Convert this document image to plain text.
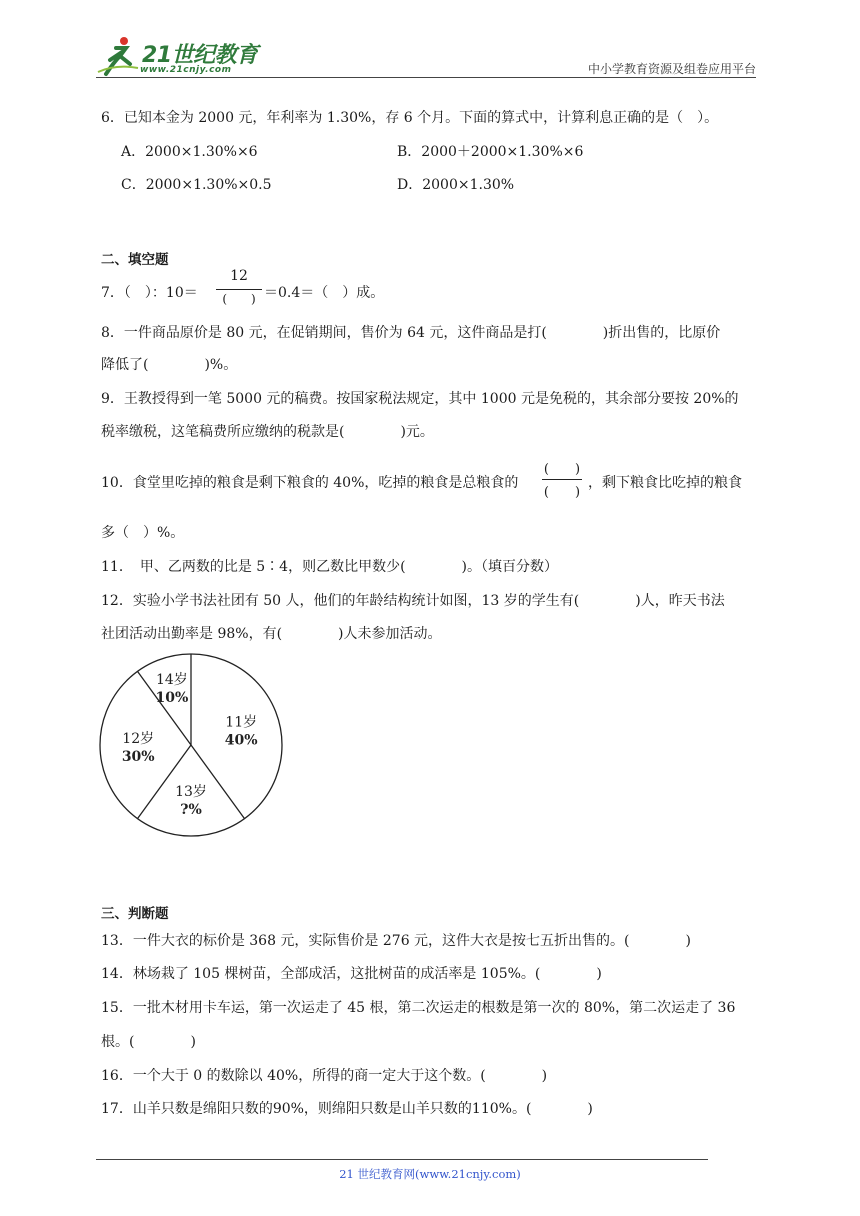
21世纪教育
www.21cnjy.com	中小学教育资源及组卷应用平台
6．已知本金为 2000 元，年利率为 1.30%，存 6 个月。下面的算式中，计算利息正确的是（　）。
A．2000×1.30%×6	B．2000＋2000×1.30%×6
C．2000×1.30%×0.5	D．2000×1.30%
二、填空题
7．（　）：10＝
12
(　　) ＝0.4＝（　）成。
8．一件商品原价是 80 元，在促销期间，售价为 64 元，这件商品是打(　　　　)折出售的，比原价
降低了(　　　　)%。
9．王教授得到一笔 5000 元的稿费。按国家税法规定，其中 1000 元是免税的，其余部分要按 20%的
税率缴税，这笔稿费所应缴纳的税款是(　　　　)元。
10．食堂里吃掉的粮食是剩下粮食的 40%，吃掉的粮食是总粮食的
(　　)
(　　)
，剩下粮食比吃掉的粮食
多（　）%。
11．　甲、乙两数的比是 5∶4，则乙数比甲数少(　　　　)。（填百分数）
12．实验小学书法社团有 50 人，他们的年龄结构统计如图，13 岁的学生有(　　　　)人，昨天书法
社团活动出勤率是 98%，有(　　　　)人未参加活动。
11岁
40%
13岁
?%
12岁
30%
14岁
10%
三、判断题
13．一件大衣的标价是 368 元，实际售价是 276 元，这件大衣是按七五折出售的。(　　　　)
14．林场栽了 105 棵树苗，全部成活，这批树苗的成活率是 105%。(　　　　)
15．一批木材用卡车运，第一次运走了 45 根，第二次运走的根数是第一次的 80%，第二次运走了 36
根。(　　　　)
16．一个大于 0 的数除以 40%，所得的商一定大于这个数。(　　　　)
17．山羊只数是绵阳只数的90%，则绵阳只数是山羊只数的110%。(　　　　)
21 世纪教育网(www.21cnjy.com)
